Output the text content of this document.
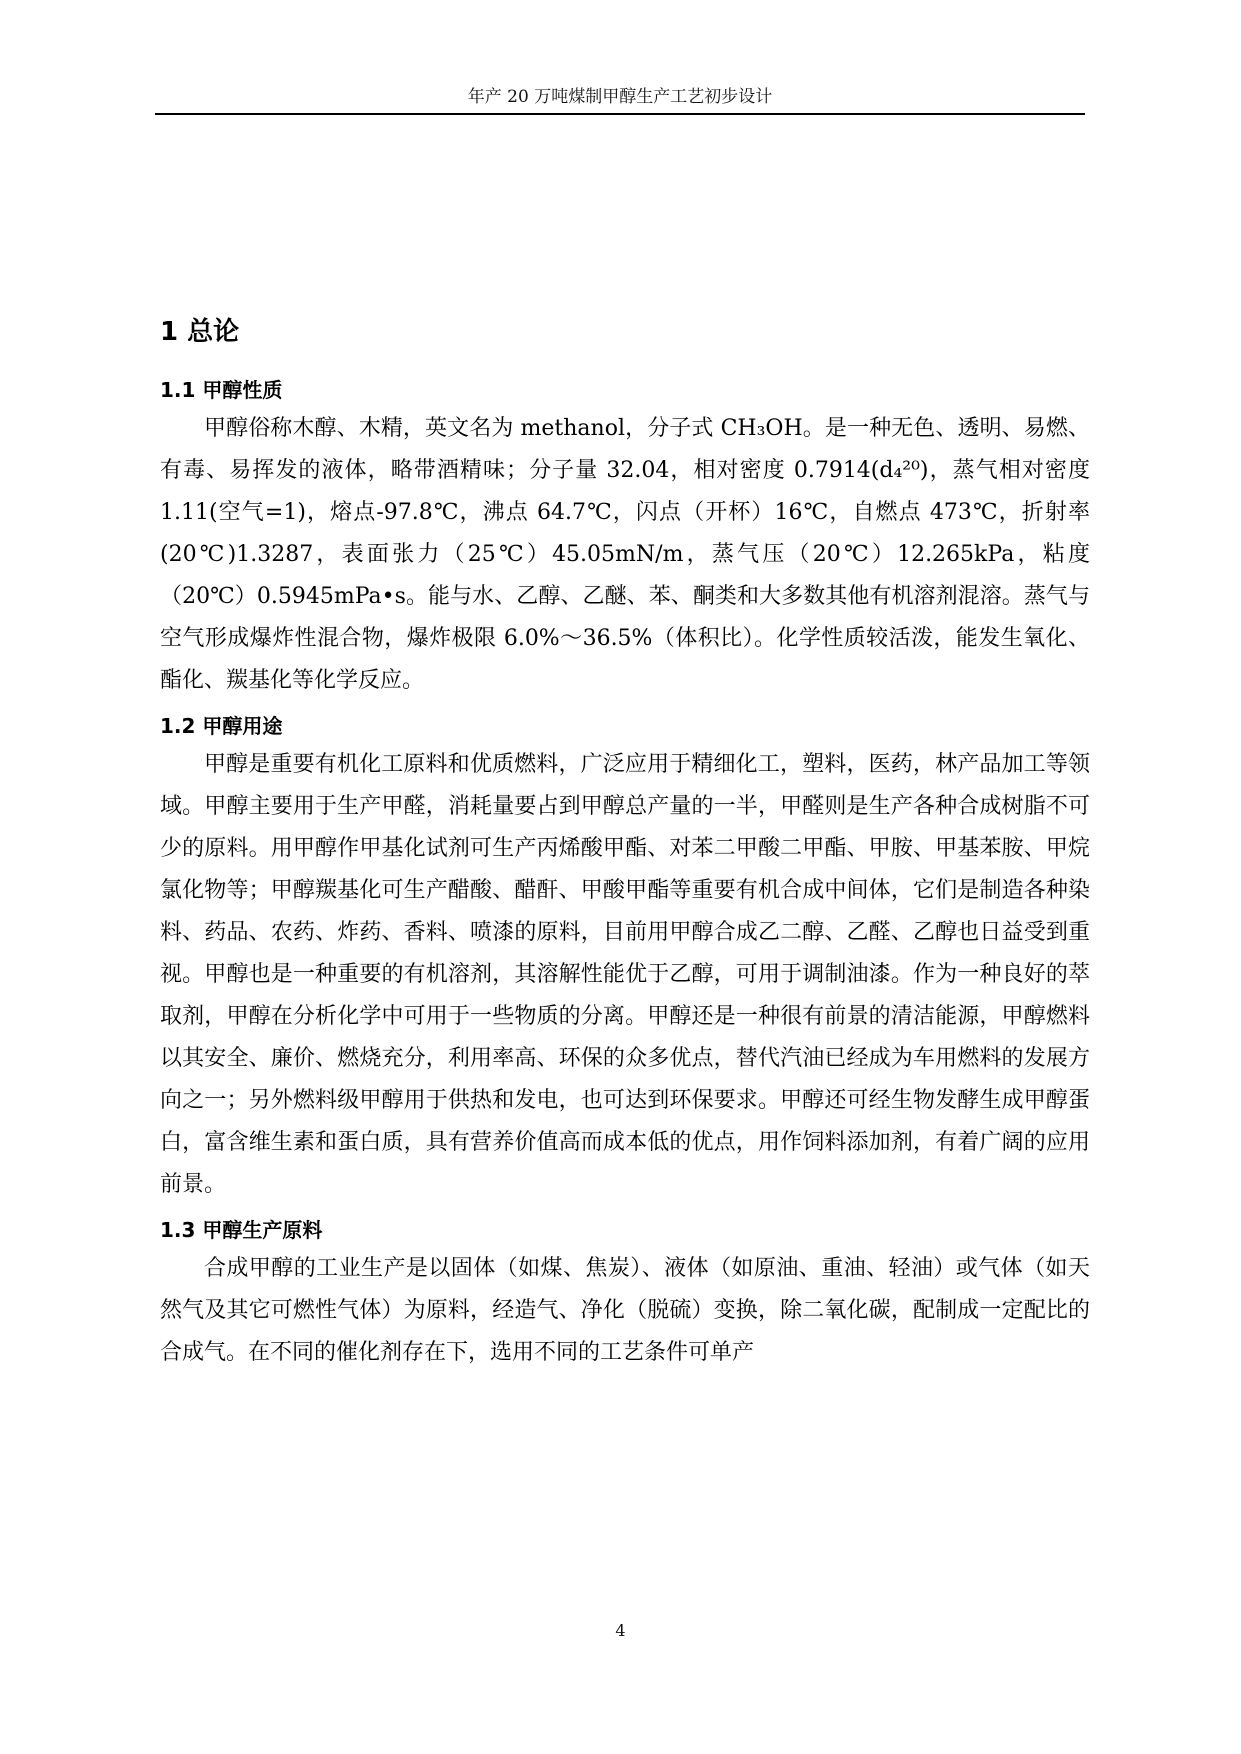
年产 20 万吨煤制甲醇生产工艺初步设计
1 总论
1.1 甲醇性质

甲醇俗称木醇、木精，英文名为 methanol，分子式 CH₃OH。是一种无色、透明、易燃、有毒、易挥发的液体，略带酒精味；分子量 32.04，相对密度 0.7914(d₄²⁰)，蒸气相对密度 1.11(空气=1)，熔点-97.8℃，沸点 64.7℃，闪点（开杯）16℃，自燃点 473℃，折射率(20℃)1.3287，表面张力（25℃）45.05mN/m，蒸气压（20℃）12.265kPa，粘度（20℃）0.5945mPa•s。能与水、乙醇、乙醚、苯、酮类和大多数其他有机溶剂混溶。蒸气与空气形成爆炸性混合物，爆炸极限 6.0%～36.5%（体积比）。化学性质较活泼，能发生氧化、酯化、羰基化等化学反应。

1.2 甲醇用途

甲醇是重要有机化工原料和优质燃料，广泛应用于精细化工，塑料，医药，林产品加工等领域。甲醇主要用于生产甲醛，消耗量要占到甲醇总产量的一半，甲醛则是生产各种合成树脂不可少的原料。用甲醇作甲基化试剂可生产丙烯酸甲酯、对苯二甲酸二甲酯、甲胺、甲基苯胺、甲烷氯化物等；甲醇羰基化可生产醋酸、醋酐、甲酸甲酯等重要有机合成中间体，它们是制造各种染料、药品、农药、炸药、香料、喷漆的原料，目前用甲醇合成乙二醇、乙醛、乙醇也日益受到重视。甲醇也是一种重要的有机溶剂，其溶解性能优于乙醇，可用于调制油漆。作为一种良好的萃取剂，甲醇在分析化学中可用于一些物质的分离。甲醇还是一种很有前景的清洁能源，甲醇燃料以其安全、廉价、燃烧充分，利用率高、环保的众多优点，替代汽油已经成为车用燃料的发展方向之一；另外燃料级甲醇用于供热和发电，也可达到环保要求。甲醇还可经生物发酵生成甲醇蛋白，富含维生素和蛋白质，具有营养价值高而成本低的优点，用作饲料添加剂，有着广阔的应用前景。

1.3 甲醇生产原料

合成甲醇的工业生产是以固体（如煤、焦炭）、液体（如原油、重油、轻油）或气体（如天然气及其它可燃性气体）为原料，经造气、净化（脱硫）变换，除二氧化碳，配制成一定配比的合成气。在不同的催化剂存在下，选用不同的工艺条件可单产

4
